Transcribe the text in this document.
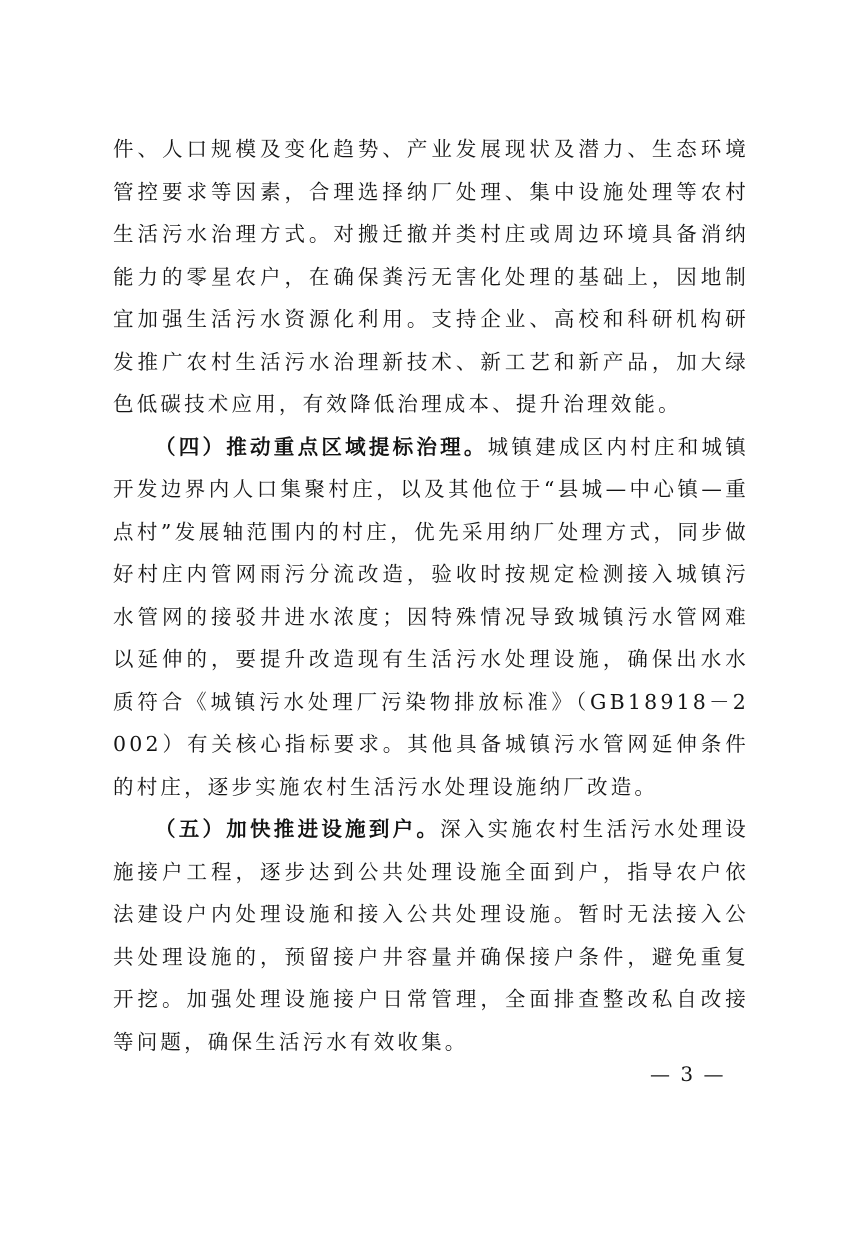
件、人口规模及变化趋势、产业发展现状及潜力、生态环境管控要求等因素，合理选择纳厂处理、集中设施处理等农村生活污水治理方式。对搬迁撤并类村庄或周边环境具备消纳能力的零星农户，在确保粪污无害化处理的基础上，因地制宜加强生活污水资源化利用。支持企业、高校和科研机构研发推广农村生活污水治理新技术、新工艺和新产品，加大绿色低碳技术应用，有效降低治理成本、提升治理效能。

（四）推动重点区域提标治理。城镇建成区内村庄和城镇开发边界内人口集聚村庄，以及其他位于“县城—中心镇—重点村”发展轴范围内的村庄，优先采用纳厂处理方式，同步做好村庄内管网雨污分流改造，验收时按规定检测接入城镇污水管网的接驳井进水浓度；因特殊情况导致城镇污水管网难以延伸的，要提升改造现有生活污水处理设施，确保出水水质符合《城镇污水处理厂污染物排放标准》（GB18918－2002）有关核心指标要求。其他具备城镇污水管网延伸条件的村庄，逐步实施农村生活污水处理设施纳厂改造。

（五）加快推进设施到户。深入实施农村生活污水处理设施接户工程，逐步达到公共处理设施全面到户，指导农户依法建设户内处理设施和接入公共处理设施。暂时无法接入公共处理设施的，预留接户井容量并确保接户条件，避免重复开挖。加强处理设施接户日常管理，全面排查整改私自改接等问题，确保生活污水有效收集。

— 3 —
